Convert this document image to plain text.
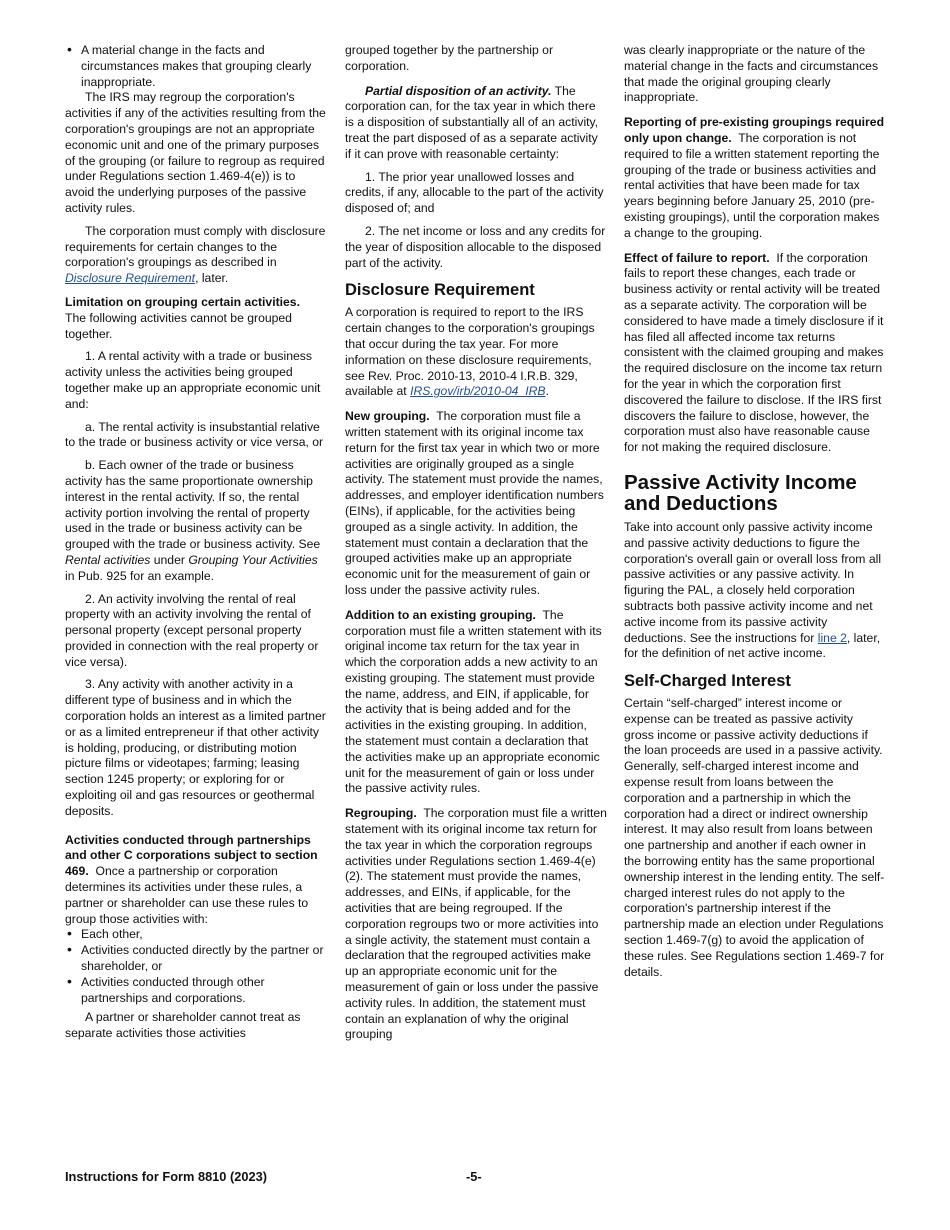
• A material change in the facts and circumstances makes that grouping clearly inappropriate.

The IRS may regroup the corporation's activities if any of the activities resulting from the corporation's groupings are not an appropriate economic unit and one of the primary purposes of the grouping (or failure to regroup as required under Regulations section 1.469-4(e)) is to avoid the underlying purposes of the passive activity rules.

The corporation must comply with disclosure requirements for certain changes to the corporation's groupings as described in Disclosure Requirement, later.

Limitation on grouping certain activities.  The following activities cannot be grouped together.

1. A rental activity with a trade or business activity unless the activities being grouped together make up an appropriate economic unit and:

a. The rental activity is insubstantial relative to the trade or business activity or vice versa, or

b. Each owner of the trade or business activity has the same proportionate ownership interest in the rental activity. If so, the rental activity portion involving the rental of property used in the trade or business activity can be grouped with the trade or business activity. See Rental activities under Grouping Your Activities in Pub. 925 for an example.

2. An activity involving the rental of real property with an activity involving the rental of personal property (except personal property provided in connection with the real property or vice versa).

3. Any activity with another activity in a different type of business and in which the corporation holds an interest as a limited partner or as a limited entrepreneur if that other activity is holding, producing, or distributing motion picture films or videotapes; farming; leasing section 1245 property; or exploring for or exploiting oil and gas resources or geothermal deposits.

Activities conducted through partnerships and other C corporations subject to section 469. Once a partnership or corporation determines its activities under these rules, a partner or shareholder can use these rules to group those activities with:

• Each other,

• Activities conducted directly by the partner or shareholder, or

• Activities conducted through other partnerships and corporations.

A partner or shareholder cannot treat as separate activities those activities

grouped together by the partnership or corporation.

Partial disposition of an activity. The corporation can, for the tax year in which there is a disposition of substantially all of an activity, treat the part disposed of as a separate activity if it can prove with reasonable certainty:

1. The prior year unallowed losses and credits, if any, allocable to the part of the activity disposed of; and

2. The net income or loss and any credits for the year of disposition allocable to the disposed part of the activity.

Disclosure Requirement

A corporation is required to report to the IRS certain changes to the corporation's groupings that occur during the tax year. For more information on these disclosure requirements, see Rev. Proc. 2010-13, 2010-4 I.R.B. 329, available at IRS.gov/irb/2010-04_IRB.

New grouping. The corporation must file a written statement with its original income tax return for the first tax year in which two or more activities are originally grouped as a single activity. The statement must provide the names, addresses, and employer identification numbers (EINs), if applicable, for the activities being grouped as a single activity. In addition, the statement must contain a declaration that the grouped activities make up an appropriate economic unit for the measurement of gain or loss under the passive activity rules.

Addition to an existing grouping. The corporation must file a written statement with its original income tax return for the tax year in which the corporation adds a new activity to an existing grouping. The statement must provide the name, address, and EIN, if applicable, for the activity that is being added and for the activities in the existing grouping. In addition, the statement must contain a declaration that the activities make up an appropriate economic unit for the measurement of gain or loss under the passive activity rules.

Regrouping. The corporation must file a written statement with its original income tax return for the tax year in which the corporation regroups activities under Regulations section 1.469-4(e)(2). The statement must provide the names, addresses, and EINs, if applicable, for the activities that are being regrouped. If the corporation regroups two or more activities into a single activity, the statement must contain a declaration that the regrouped activities make up an appropriate economic unit for the measurement of gain or loss under the passive activity rules. In addition, the statement must contain an explanation of why the original grouping

was clearly inappropriate or the nature of the material change in the facts and circumstances that made the original grouping clearly inappropriate.

Reporting of pre-existing groupings required only upon change. The corporation is not required to file a written statement reporting the grouping of the trade or business activities and rental activities that have been made for tax years beginning before January 25, 2010 (pre-existing groupings), until the corporation makes a change to the grouping.

Effect of failure to report. If the corporation fails to report these changes, each trade or business activity or rental activity will be treated as a separate activity. The corporation will be considered to have made a timely disclosure if it has filed all affected income tax returns consistent with the claimed grouping and makes the required disclosure on the income tax return for the year in which the corporation first discovered the failure to disclose. If the IRS first discovers the failure to disclose, however, the corporation must also have reasonable cause for not making the required disclosure.

Passive Activity Income and Deductions

Take into account only passive activity income and passive activity deductions to figure the corporation's overall gain or overall loss from all passive activities or any passive activity. In figuring the PAL, a closely held corporation subtracts both passive activity income and net active income from its passive activity deductions. See the instructions for line 2, later, for the definition of net active income.

Self-Charged Interest

Certain “self-charged” interest income or expense can be treated as passive activity gross income or passive activity deductions if the loan proceeds are used in a passive activity. Generally, self-charged interest income and expense result from loans between the corporation and a partnership in which the corporation had a direct or indirect ownership interest. It may also result from loans between one partnership and another if each owner in the borrowing entity has the same proportional ownership interest in the lending entity. The self-charged interest rules do not apply to the corporation's partnership interest if the partnership made an election under Regulations section 1.469-7(g) to avoid the application of these rules. See Regulations section 1.469-7 for details.

Instructions for Form 8810 (2023)	-5-
